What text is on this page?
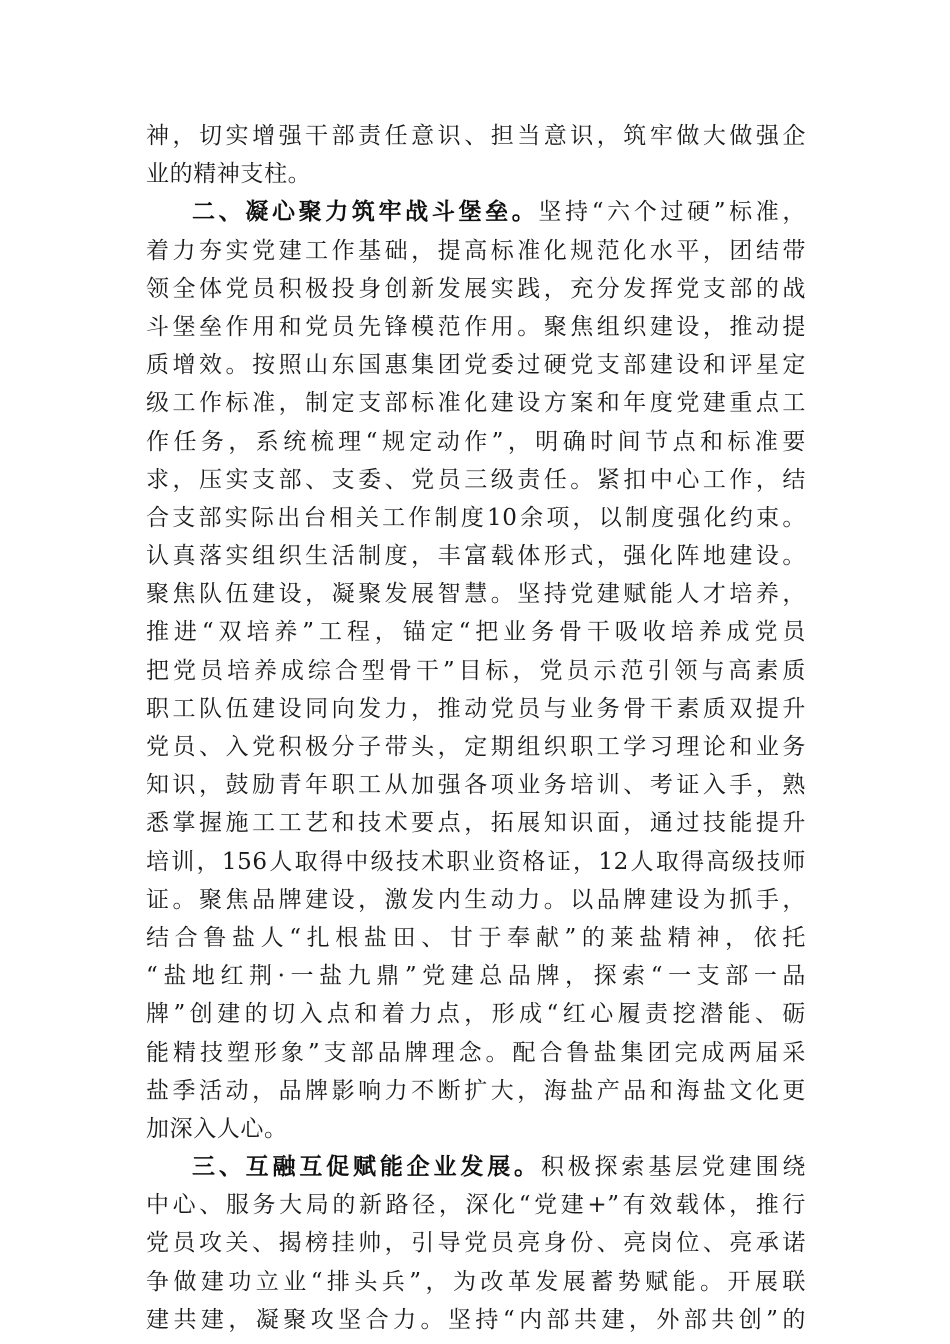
神，切实增强干部责任意识、担当意识，筑牢做大做强企
业的精神支柱。
二、凝心聚力筑牢战斗堡垒。坚持“六个过硬”标准，
着力夯实党建工作基础，提高标准化规范化水平，团结带
领全体党员积极投身创新发展实践，充分发挥党支部的战
斗堡垒作用和党员先锋模范作用。聚焦组织建设，推动提
质增效。按照山东国惠集团党委过硬党支部建设和评星定
级工作标准，制定支部标准化建设方案和年度党建重点工
作任务，系统梳理“规定动作”，明确时间节点和标准要
求，压实支部、支委、党员三级责任。紧扣中心工作，结
合支部实际出台相关工作制度10余项，以制度强化约束。
认真落实组织生活制度，丰富载体形式，强化阵地建设。
聚焦队伍建设，凝聚发展智慧。坚持党建赋能人才培养，
推进“双培养”工程，锚定“把业务骨干吸收培养成党员
把党员培养成综合型骨干”目标，党员示范引领与高素质
职工队伍建设同向发力，推动党员与业务骨干素质双提升
党员、入党积极分子带头，定期组织职工学习理论和业务
知识，鼓励青年职工从加强各项业务培训、考证入手，熟
悉掌握施工工艺和技术要点，拓展知识面，通过技能提升
培训，156人取得中级技术职业资格证，12人取得高级技师
证。聚焦品牌建设，激发内生动力。以品牌建设为抓手，
结合鲁盐人“扎根盐田、甘于奉献”的莱盐精神，依托
“盐地红荆·一盐九鼎”党建总品牌，探索“一支部一品
牌”创建的切入点和着力点，形成“红心履责挖潜能、砺
能精技塑形象”支部品牌理念。配合鲁盐集团完成两届采
盐季活动，品牌影响力不断扩大，海盐产品和海盐文化更
加深入人心。
三、互融互促赋能企业发展。积极探索基层党建围绕
中心、服务大局的新路径，深化“党建+”有效载体，推行
党员攻关、揭榜挂帅，引导党员亮身份、亮岗位、亮承诺
争做建功立业“排头兵”，为改革发展蓄势赋能。开展联
建共建，凝聚攻坚合力。坚持“内部共建，外部共创”的
